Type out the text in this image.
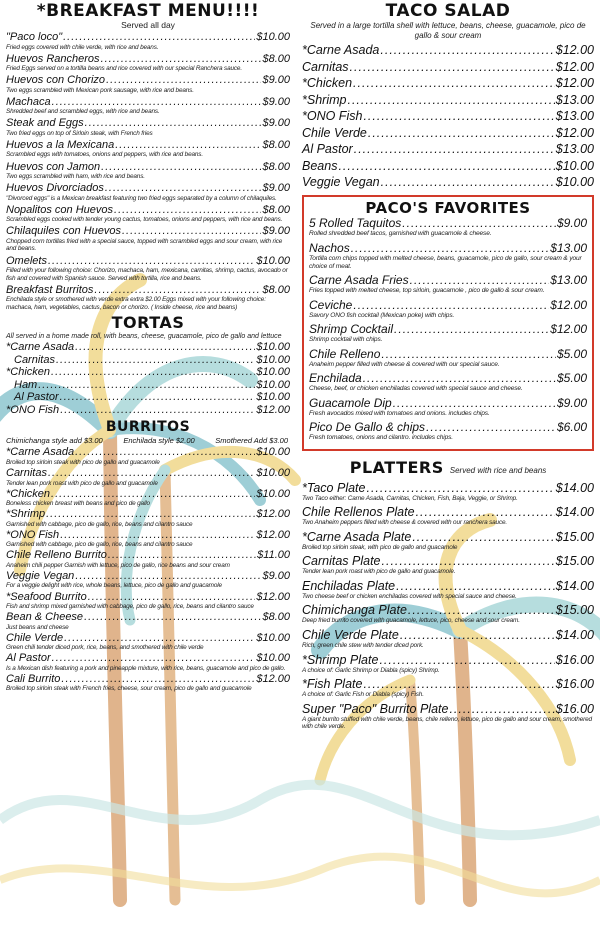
*BREAKFAST MENU!!!!
Served all day
"Paco loco" .....	$10.00
Fried eggs covered with chile verde, with rice and beans.
Huevos Rancheros .....	$8.00
Fried Eggs served on a tortilla beans and rice covered with our special Ranchera sauce.
Huevos con Chorizo .....	$9.00
Two eggs scrambled with Mexican pork sausage, with rice and beans.
Machaca .....	$9.00
Shredded beef and scrambled eggs, with rice and beans.
Steak and Eggs .....	$9.00
Two fried eggs on top of Sirloin steak, with French fries
Huevos a la Mexicana .....	$8.00
Scrambled eggs with tomatoes, onions and peppers, with rice and beans.
Huevos con Jamon .....	$8.00
Two eggs scrambled with ham, with rice and beans.
Huevos Divorciados .....	$9.00
"Divorced eggs" is a Mexican breakfast featuring two fried eggs separated by a column of chilaquiles.
Nopalitos con Huevos .....	$8.00
Scrambled eggs cooked with tender young cactus, tomatoes, onions and peppers, with rice and beans.
Chilaquiles con Huevos .....	$9.00
Chopped corn tortillas fried with a special sauce, topped with scrambled eggs and sour cream, with rice and beans.
Omelets .....	$10.00
Filled with your following choice: Chorizo, machaca, ham, mexicana, carnitas, shrimp, cactus, avocado or fish and covered with Spanish sauce. Served with tortilla, rice and beans.
Breakfast Burritos .....	$8.00
Enchilada style or smothered with verde extra extra $2.00 Eggs mixed with your following choice: machaca, ham, vegetables, cactus, bacon or chorizo. ( Inside cheese, rice and beans)
TORTAS
All served in a home made roll, with beans, cheese, guacamole, pico de gallo and lettuce
*Carne Asada .....	$10.00
Carnitas .....	$10.00
*Chicken .....	$10.00
Ham .....	$10.00
Al Pastor .....	$10.00
*ONO Fish .....	$12.00
BURRITOS
Chimichanga style add $3.00	Enchilada style $2.00	Smothered Add $3.00
*Carne Asada .....	$10.00
Broiled top sirloin steak with pico de gallo and guacamole
Carnitas .....	$10.00
Tender lean pork roast with pico de gallo and guacamole
*Chicken .....	$10.00
Boneless chicken breast with beans and pico de gallo
*Shrimp .....	$12.00
Garnished with cabbage, pico de gallo, rice, beans and cilantro sauce
*ONO Fish .....	$12.00
Garnished with cabbage, pico de gallo, rice, beans and cilantro sauce
Chile Relleno Burrito .....	$11.00
Anaheim chili pepper Garnish with lettuce, pico de gallo, rice beans and sour cream
Veggie Vegan .....	$9.00
For a veggie delight with rice, whole beans, lettuce, pico de gallo and guacamole
*Seafood Burrito .....	$12.00
Fish and shrimp mixed garnished with cabbage, pico de gallo, rice, beans and cilantro sauce
Bean & Cheese .....	$8.00
Just beans and cheese
Chile Verde .....	$10.00
Green chili tender diced pork, rice, beans, and smothered with chile verde
Al Pastor .....	$10.00
Is a Mexican dish featuring a pork and pineapple mixture, with rice, beans, guacamole and pico de gallo.
Cali Burrito .....	$12.00
Broiled top sirloin steak with French fries, cheese, sour cream, pico de gallo and guacamole
TACO SALAD
Served in a large tortilla shell with lettuce, beans, cheese, guacamole, pico de gallo & sour cream
*Carne Asada .....	$12.00
Carnitas .....	$12.00
*Chicken .....	$12.00
*Shrimp .....	$13.00
*ONO Fish .....	$13.00
Chile Verde .....	$12.00
Al Pastor .....	$13.00
Beans .....	$10.00
Veggie Vegan .....	$10.00
PACO'S FAVORITES
5 Rolled Taquitos .....	$9.00
Rolled shredded beef tacos, garnished with guacamole & cheese.
Nachos .....	$13.00
Tortilla corn chips topped with melted cheese, beans, guacamole, pico de gallo, sour cream & your choice of meat.
Carne Asada Fries .....	$13.00
Fries topped with melted cheese, top sirloin, guacamole , pico de gallo & sour cream.
Ceviche .....	$12.00
Savory ONO fish cocktail (Mexican poke) with chips.
Shrimp Cocktail .....	$12.00
Shrimp cocktail with chips.
Chile Relleno .....	$5.00
Anaheim pepper filled with cheese & covered with our special sauce.
Enchilada .....	$5.00
Cheese, beef, or chicken enchiladas covered with special sauce and cheese.
Guacamole Dip .....	$9.00
Fresh avocados mixed with tomatoes and onions. includes chips.
Pico De Gallo & chips .....	$6.00
Fresh tomatoes, onions and cilantro. includes chips.
PLATTERS Served with rice and beans
*Taco Plate .....	$14.00
Two Taco either: Carne Asada, Carnitas, Chicken, Fish, Baja, Veggie, or Shrimp.
Chile Rellenos Plate .....	$14.00
Two Anaheim peppers filled with cheese & covered with our ranchera sauce.
*Carne Asada Plate .....	$15.00
Broiled top sirloin steak, with pico de gallo and guacamole
Carnitas Plate .....	$15.00
Tender lean pork roast with pico de gallo and guacamole.
Enchiladas Plate .....	$14.00
Two cheese beef or chicken enchiladas covered with special sauce and cheese.
Chimichanga Plate .....	$15.00
Deep fried burrito covered with guacamole, lettuce, pico, cheese and sour cream.
Chile Verde Plate .....	$14.00
Rich, green chile stew with tender diced pork.
*Shrimp Plate .....	$16.00
A choice of: Garlic Shrimp or Diabla (spicy) Shrimp.
*Fish Plate .....	$16.00
A choice of: Garlic Fish or Diabla (spicy) Fish.
Super "Paco" Burrito Plate .....	$16.00
A giant burrito stuffed with chile verde, beans, chile relleno, lettuce, pico de gallo and sour cream, smothered with chile verde.
